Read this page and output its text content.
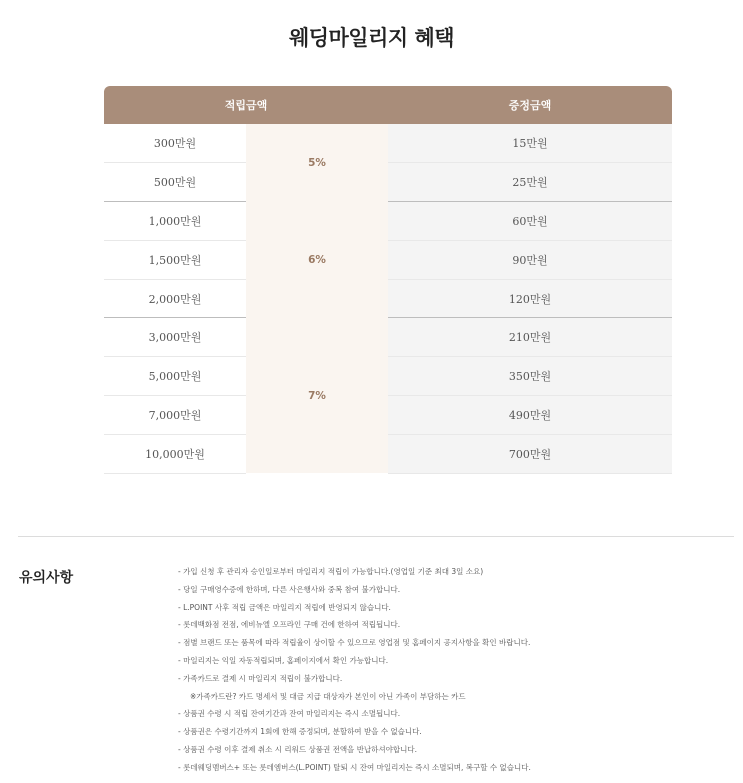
웨딩마일리지 혜택
적립금액		증정금액
300만원	5%	15만원
500만원		25만원
1,000만원	6%	60만원
1,500만원		90만원
2,000만원		120만원
3,000만원	7%	210만원
5,000만원		350만원
7,000만원		490만원
10,000만원		700만원
유의사항	- 가입 신청 후 관리자 승인일로부터 마일리지 적립이 가능합니다.(영업일 기준 최대 3일 소요)
- 당일 구매영수증에 한하며, 다른 사은행사와 중복 참여 불가합니다.
- L.POINT 사후 적립 금액은 마일리지 적립에 반영되지 않습니다.
- 롯데백화점 전점, 에비뉴엘 오프라인 구매 건에 한하여 적립됩니다.
- 점별 브랜드 또는 품목에 따라 적립율이 상이할 수 있으므로 영업점 및 홈페이지 공지사항을 확인 바랍니다.
- 마일리지는 익일 자동적립되며, 홈페이지에서 확인 가능합니다.
- 가족카드로 결제 시 마일리지 적립이 불가합니다.
※가족카드란? 카드 명세서 및 대금 지급 대상자가 본인이 아닌 가족이 부담하는 카드
- 상품권 수령 시 적립 잔여기간과 잔여 마일리지는 즉시 소멸됩니다.
- 상품권은 수령기간까지 1회에 한해 증정되며, 분할하여 받을 수 없습니다.
- 상품권 수령 이후 결제 취소 시 리워드 상품권 전액을 반납하셔야합니다.
- 롯데웨딩멤버스+ 또는 롯데엠버스(L.POINT) 탈퇴 시 잔여 마일리지는 즉시 소멸되며, 복구할 수 없습니다.
